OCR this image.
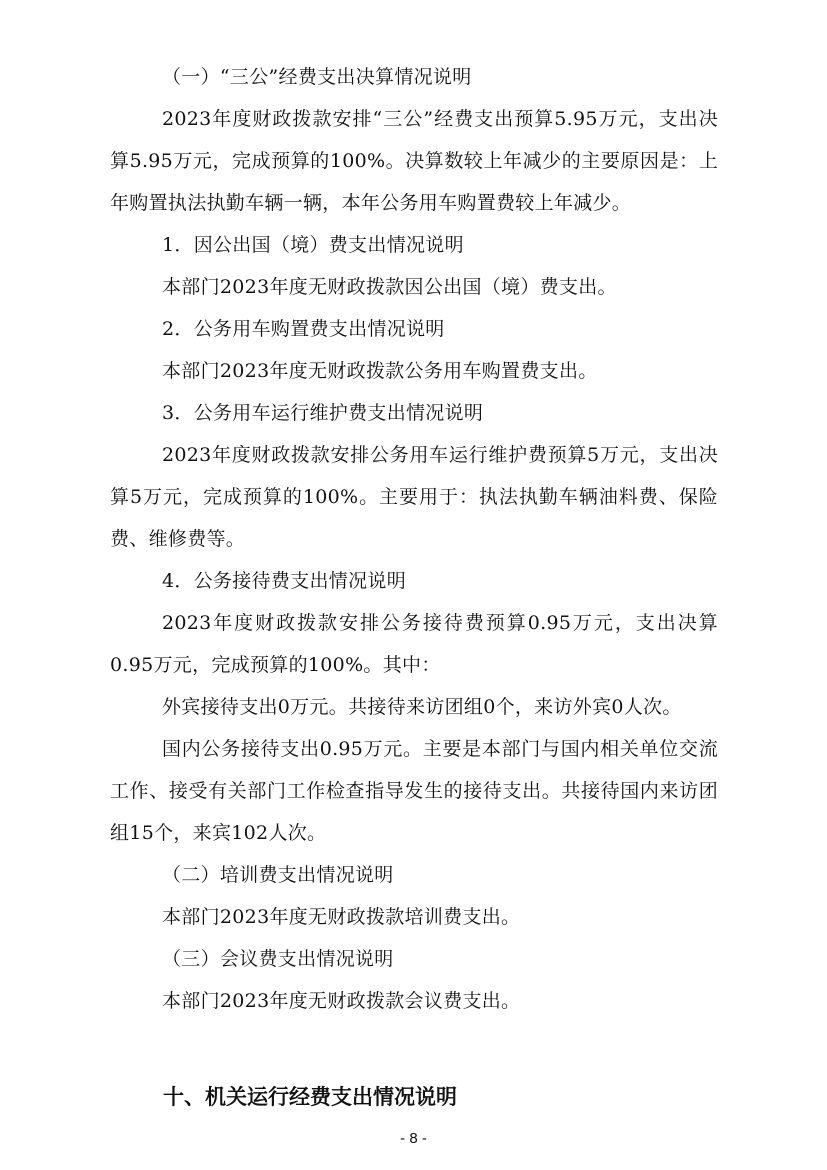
（一）“三公”经费支出决算情况说明

2023年度财政拨款安排“三公”经费支出预算5.95万元，支出决算5.95万元，完成预算的100%。决算数较上年减少的主要原因是：上年购置执法执勤车辆一辆，本年公务用车购置费较上年减少。

1．因公出国（境）费支出情况说明

本部门2023年度无财政拨款因公出国（境）费支出。

2．公务用车购置费支出情况说明

本部门2023年度无财政拨款公务用车购置费支出。

3．公务用车运行维护费支出情况说明

2023年度财政拨款安排公务用车运行维护费预算5万元，支出决算5万元，完成预算的100%。主要用于：执法执勤车辆油料费、保险费、维修费等。

4．公务接待费支出情况说明

2023年度财政拨款安排公务接待费预算0.95万元，支出决算0.95万元，完成预算的100%。其中：

外宾接待支出0万元。共接待来访团组0个，来访外宾0人次。

国内公务接待支出0.95万元。主要是本部门与国内相关单位交流工作、接受有关部门工作检查指导发生的接待支出。共接待国内来访团组15个，来宾102人次。

（二）培训费支出情况说明

本部门2023年度无财政拨款培训费支出。

（三）会议费支出情况说明

本部门2023年度无财政拨款会议费支出。

十、机关运行经费支出情况说明

- 8 -
